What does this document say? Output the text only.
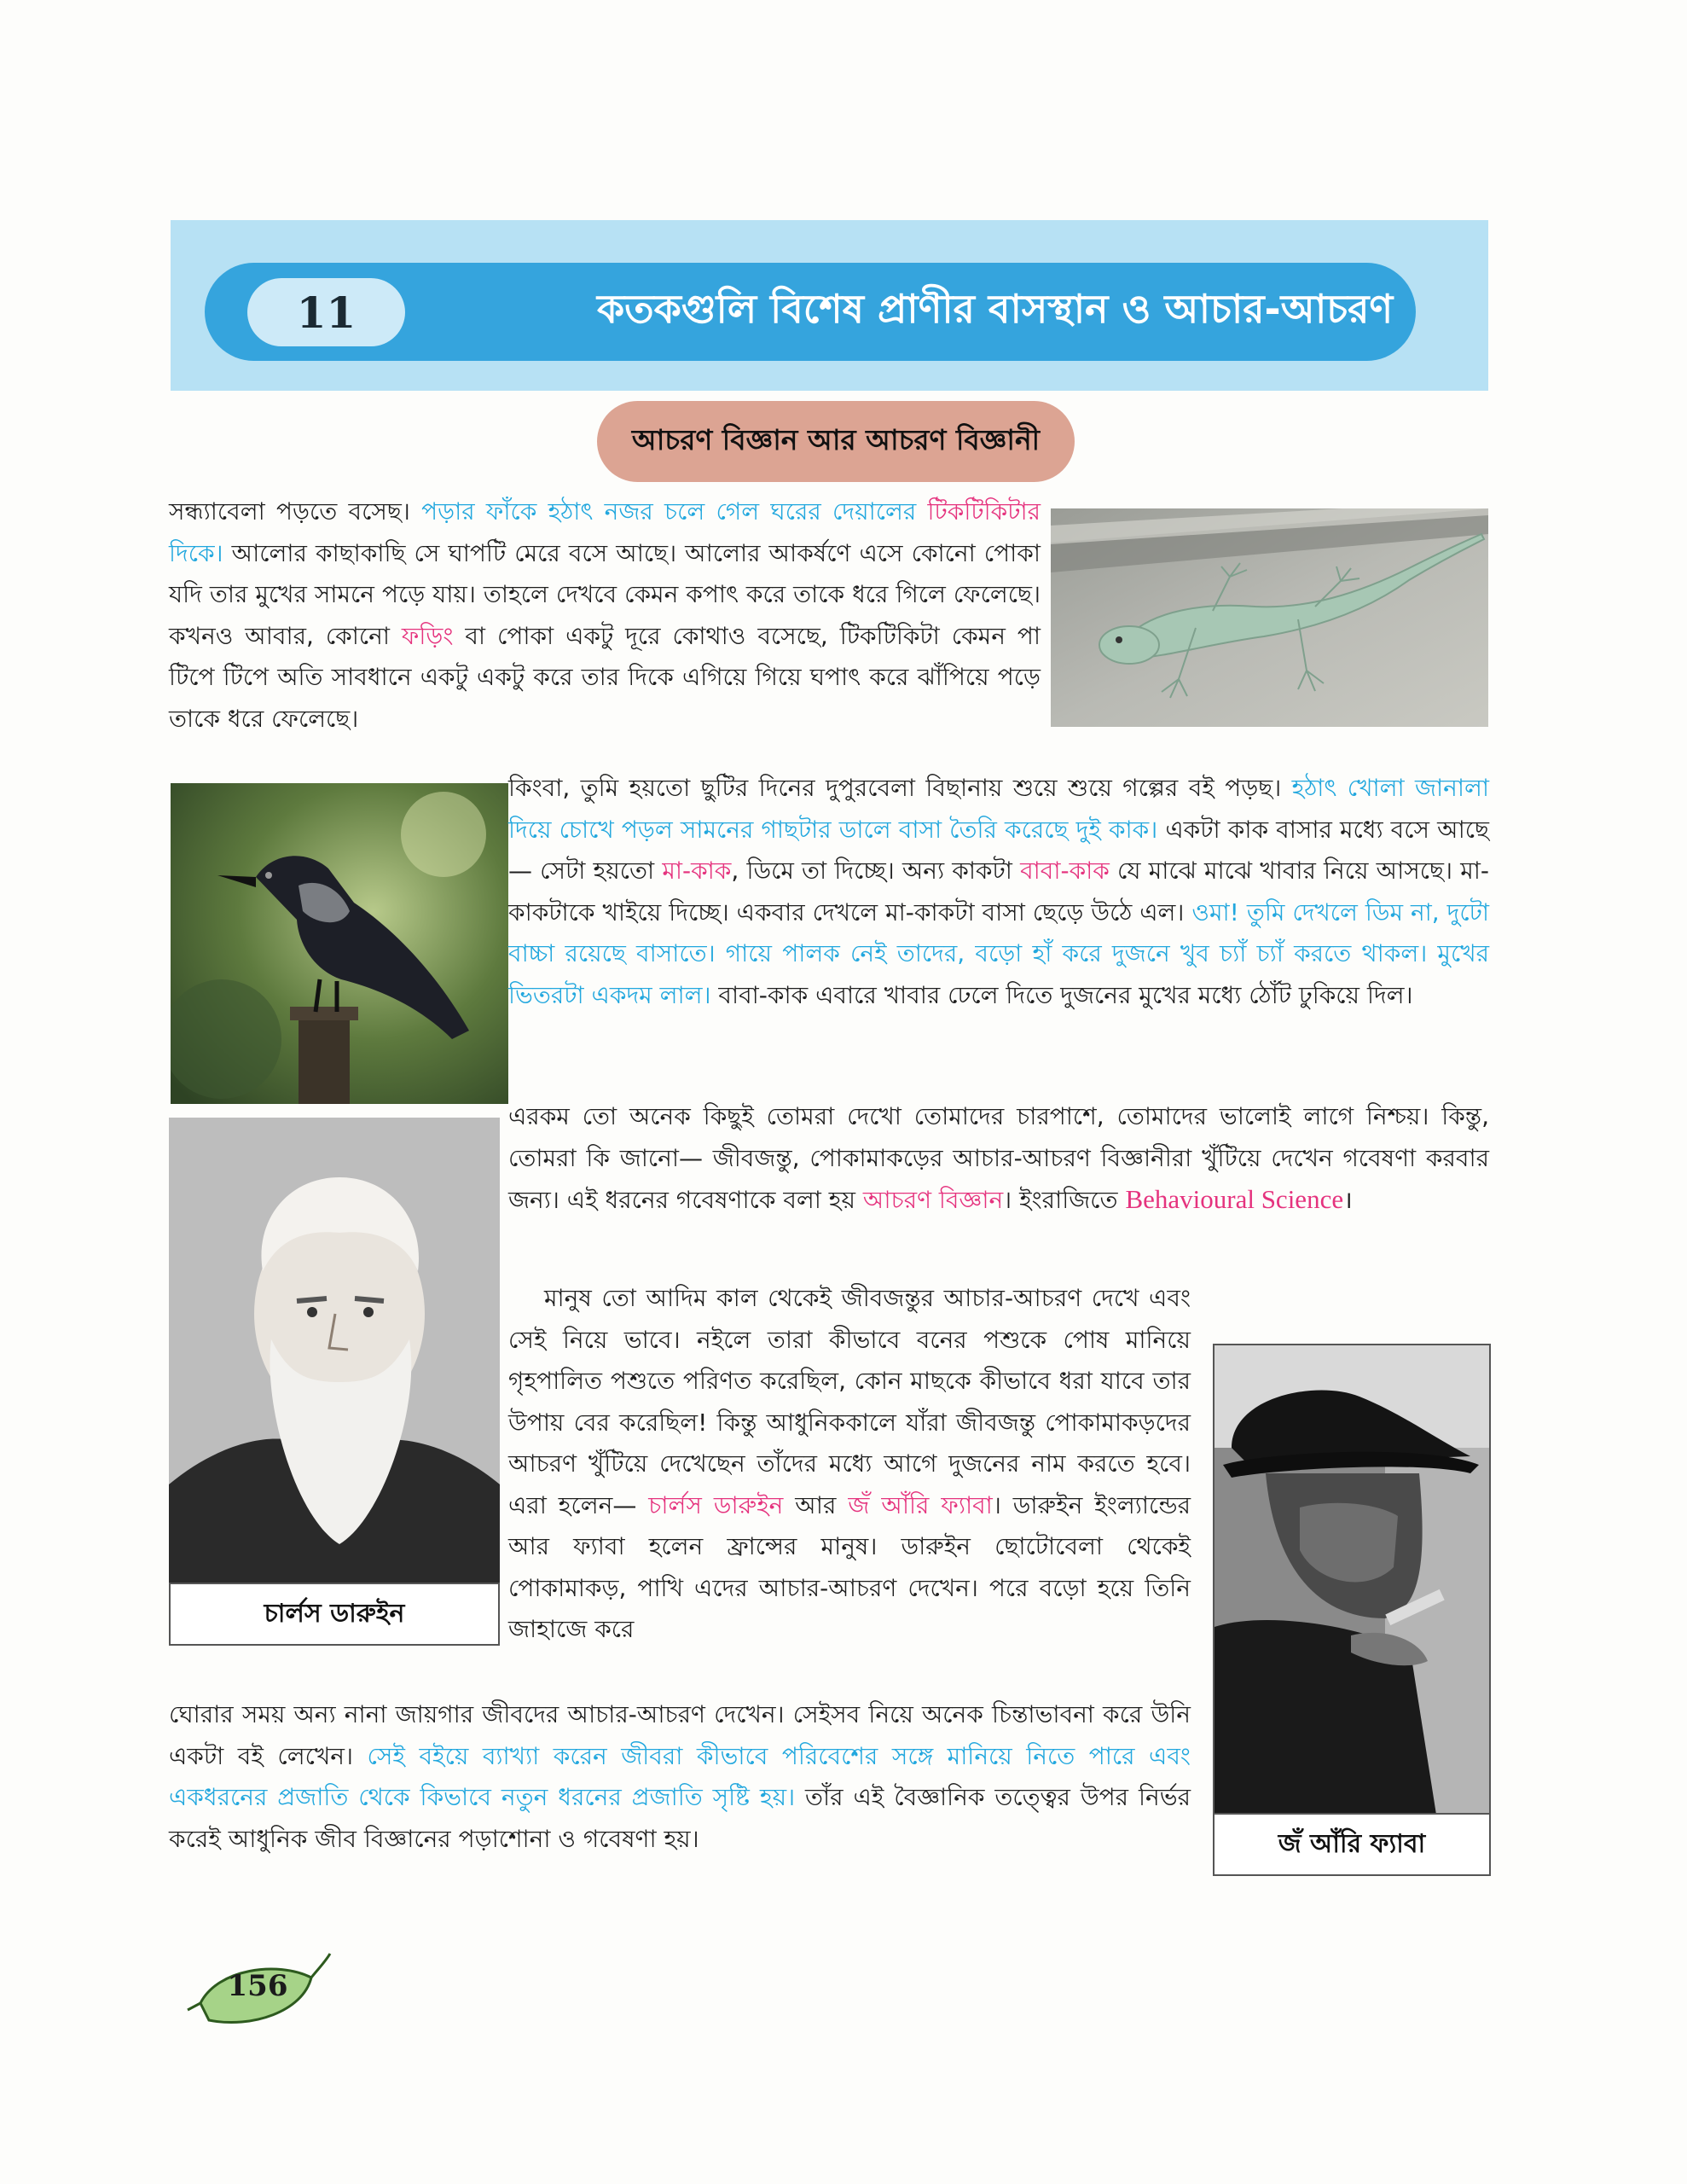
11	কতকগুলি বিশেষ প্রাণীর বাসস্থান ও আচার-আচরণ
আচরণ বিজ্ঞান আর আচরণ বিজ্ঞানী

সন্ধ্যাবেলা পড়তে বসেছ। পড়ার ফাঁকে হঠাৎ নজর চলে গেল ঘরের দেয়ালের টিকটিকিটার দিকে। আলোর কাছাকাছি সে ঘাপটি মেরে বসে আছে। আলোর আকর্ষণে এসে কোনো পোকা যদি তার মুখের সামনে পড়ে যায়। তাহলে দেখবে কেমন কপাৎ করে তাকে ধরে গিলে ফেলেছে। কখনও আবার, কোনো ফড়িং বা পোকা একটু দূরে কোথাও বসেছে, টিকটিকিটা কেমন পা টিপে টিপে অতি সাবধানে একটু একটু করে তার দিকে এগিয়ে গিয়ে ঘপাৎ করে ঝাঁপিয়ে পড়ে তাকে ধরে ফেলেছে।

কিংবা, তুমি হয়তো ছুটির দিনের দুপুরবেলা বিছানায় শুয়ে শুয়ে গল্পের বই পড়ছ। হঠাৎ খোলা জানালা দিয়ে চোখে পড়ল সামনের গাছটার ডালে বাসা তৈরি করেছে দুই কাক। একটা কাক বাসার মধ্যে বসে আছে— সেটা হয়তো মা-কাক, ডিমে তা দিচ্ছে। অন্য কাকটা বাবা-কাক যে মাঝে মাঝে খাবার নিয়ে আসছে। মা-কাকটাকে খাইয়ে দিচ্ছে। একবার দেখলে মা-কাকটা বাসা ছেড়ে উঠে এল। ওমা! তুমি দেখলে ডিম না, দুটো বাচ্চা রয়েছে বাসাতে। গায়ে পালক নেই তাদের, বড়ো হাঁ করে দুজনে খুব চ্যাঁ চ্যাঁ করতে থাকল। মুখের ভিতরটা একদম লাল। বাবা-কাক এবারে খাবার ঢেলে দিতে দুজনের মুখের মধ্যে ঠোঁট ঢুকিয়ে দিল।

চার্লস ডারুইন

এরকম তো অনেক কিছুই তোমরা দেখো তোমাদের চারপাশে, তোমাদের ভালোই লাগে নিশ্চয়। কিন্তু, তোমরা কি জানো— জীবজন্তু, পোকামাকড়ের আচার-আচরণ বিজ্ঞানীরা খুঁটিয়ে দেখেন গবেষণা করবার জন্য। এই ধরনের গবেষণাকে বলা হয় আচরণ বিজ্ঞান। ইংরাজিতে Behavioural Science।

মানুষ তো আদিম কাল থেকেই জীবজন্তুর আচার-আচরণ দেখে এবং সেই নিয়ে ভাবে। নইলে তারা কীভাবে বনের পশুকে পোষ মানিয়ে গৃহপালিত পশুতে পরিণত করেছিল, কোন মাছকে কীভাবে ধরা যাবে তার উপায় বের করেছিল! কিন্তু আধুনিককালে যাঁরা জীবজন্তু পোকামাকড়দের আচরণ খুঁটিয়ে দেখেছেন তাঁদের মধ্যে আগে দুজনের নাম করতে হবে। এরা হলেন— চার্লস ডারুইন আর জঁ আঁরি ফ্যাবা। ডারুইন ইংল্যান্ডের আর ফ্যাবা হলেন ফ্রান্সের মানুষ। ডারুইন ছোটোবেলা থেকেই পোকামাকড়, পাখি এদের আচার-আচরণ দেখেন। পরে বড়ো হয়ে তিনি জাহাজে করে

জঁ আঁরি ফ্যাবা

ঘোরার সময় অন্য নানা জায়গার জীবদের আচার-আচরণ দেখেন। সেইসব নিয়ে অনেক চিন্তাভাবনা করে উনি একটা বই লেখেন। সেই বইয়ে ব্যাখ্যা করেন জীবরা কীভাবে পরিবেশের সঙ্গে মানিয়ে নিতে পারে এবং একধরনের প্রজাতি থেকে কিভাবে নতুন ধরনের প্রজাতি সৃষ্টি হয়। তাঁর এই বৈজ্ঞানিক তত্ত্বের উপর নির্ভর করেই আধুনিক জীব বিজ্ঞানের পড়াশোনা ও গবেষণা হয়।

156
